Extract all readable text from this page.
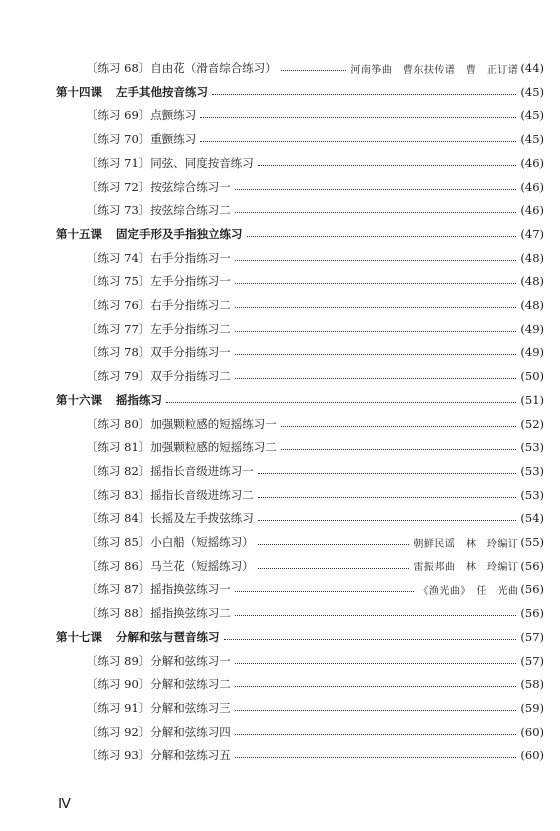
〔练习 68〕自由花（滑音综合练习）	河南筝曲　曹东扶传谱　曹　正订谱 (44)
第十四课 左手其他按音练习	(45)
〔练习 69〕点颤练习	(45)
〔练习 70〕重颤练习	(45)
〔练习 71〕同弦、同度按音练习	(46)
〔练习 72〕按弦综合练习一	(46)
〔练习 73〕按弦综合练习二	(46)
第十五课 固定手形及手指独立练习	(47)
〔练习 74〕右手分指练习一	(48)
〔练习 75〕左手分指练习一	(48)
〔练习 76〕右手分指练习二	(48)
〔练习 77〕左手分指练习二	(49)
〔练习 78〕双手分指练习一	(49)
〔练习 79〕双手分指练习二	(50)
第十六课 摇指练习	(51)
〔练习 80〕加强颗粒感的短摇练习一	(52)
〔练习 81〕加强颗粒感的短摇练习二	(53)
〔练习 82〕摇指长音级进练习一	(53)
〔练习 83〕摇指长音级进练习二	(53)
〔练习 84〕长摇及左手拨弦练习	(54)
〔练习 85〕小白船（短摇练习）	朝鲜民谣　林　玲编订 (55)
〔练习 86〕马兰花（短摇练习）	雷振邦曲　林　玲编订 (56)
〔练习 87〕摇指换弦练习一	《渔光曲》　任　光曲 (56)
〔练习 88〕摇指换弦练习二	(56)
第十七课 分解和弦与琶音练习	(57)
〔练习 89〕分解和弦练习一	(57)
〔练习 90〕分解和弦练习二	(58)
〔练习 91〕分解和弦练习三	(59)
〔练习 92〕分解和弦练习四	(60)
〔练习 93〕分解和弦练习五	(60)
Ⅳ
